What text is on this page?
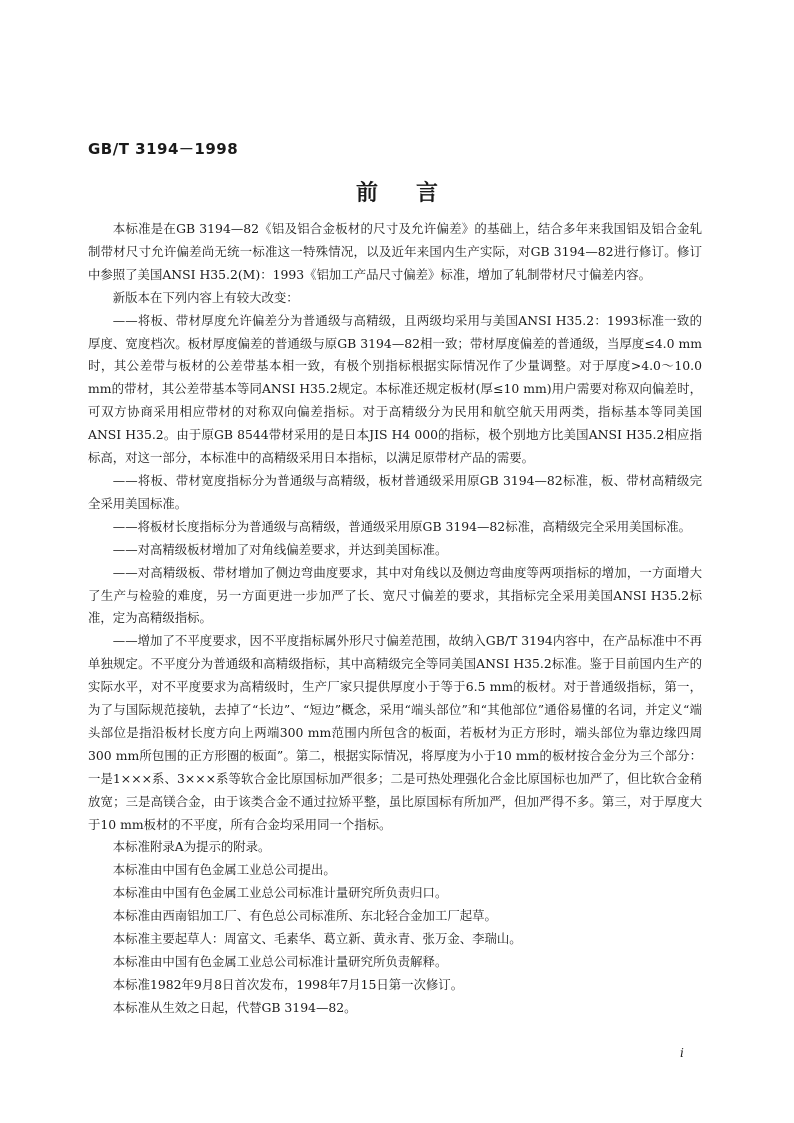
GB/T 3194－1998
前言

本标准是在GB 3194—82《铝及铝合金板材的尺寸及允许偏差》的基础上，结合多年来我国铝及铝合金轧制带材尺寸允许偏差尚无统一标准这一特殊情况，以及近年来国内生产实际，对GB 3194—82进行修订。修订中参照了美国ANSI H35.2(M)：1993《铝加工产品尺寸偏差》标准，增加了轧制带材尺寸偏差内容。

新版本在下列内容上有较大改变：

——将板、带材厚度允许偏差分为普通级与高精级，且两级均采用与美国ANSI H35.2：1993标准一致的厚度、宽度档次。板材厚度偏差的普通级与原GB 3194—82相一致；带材厚度偏差的普通级，当厚度≤4.0 mm时，其公差带与板材的公差带基本相一致，有极个别指标根据实际情况作了少量调整。对于厚度>4.0～10.0 mm的带材，其公差带基本等同ANSI H35.2规定。本标准还规定板材(厚≤10 mm)用户需要对称双向偏差时，可双方协商采用相应带材的对称双向偏差指标。对于高精级分为民用和航空航天用两类，指标基本等同美国ANSI H35.2。由于原GB 8544带材采用的是日本JIS H4 000的指标，极个别地方比美国ANSI H35.2相应指标高，对这一部分，本标准中的高精级采用日本指标，以满足原带材产品的需要。

——将板、带材宽度指标分为普通级与高精级，板材普通级采用原GB 3194—82标准，板、带材高精级完全采用美国标准。

——将板材长度指标分为普通级与高精级，普通级采用原GB 3194—82标准，高精级完全采用美国标准。

——对高精级板材增加了对角线偏差要求，并达到美国标准。

——对高精级板、带材增加了侧边弯曲度要求，其中对角线以及侧边弯曲度等两项指标的增加，一方面增大了生产与检验的难度，另一方面更进一步加严了长、宽尺寸偏差的要求，其指标完全采用美国ANSI H35.2标准，定为高精级指标。

——增加了不平度要求，因不平度指标属外形尺寸偏差范围，故纳入GB/T 3194内容中，在产品标准中不再单独规定。不平度分为普通级和高精级指标，其中高精级完全等同美国ANSI H35.2标准。鉴于目前国内生产的实际水平，对不平度要求为高精级时，生产厂家只提供厚度小于等于6.5 mm的板材。对于普通级指标，第一，为了与国际规范接轨，去掉了“长边”、“短边”概念，采用“端头部位”和“其他部位”通俗易懂的名词，并定义“端头部位是指沿板材长度方向上两端300 mm范围内所包含的板面，若板材为正方形时，端头部位为靠边缘四周300 mm所包围的正方形圈的板面”。第二，根据实际情况，将厚度为小于10 mm的板材按合金分为三个部分：一是1×××系、3×××系等软合金比原国标加严很多；二是可热处理强化合金比原国标也加严了，但比软合金稍放宽；三是高镁合金，由于该类合金不通过拉矫平整，虽比原国标有所加严，但加严得不多。第三，对于厚度大于10 mm板材的不平度，所有合金均采用同一个指标。

本标准附录A为提示的附录。

本标准由中国有色金属工业总公司提出。

本标准由中国有色金属工业总公司标准计量研究所负责归口。

本标准由西南铝加工厂、有色总公司标准所、东北轻合金加工厂起草。

本标准主要起草人：周富文、毛素华、葛立新、黄永青、张万金、李瑞山。

本标准由中国有色金属工业总公司标准计量研究所负责解释。

本标准1982年9月8日首次发布，1998年7月15日第一次修订。

本标准从生效之日起，代替GB 3194—82。

i
